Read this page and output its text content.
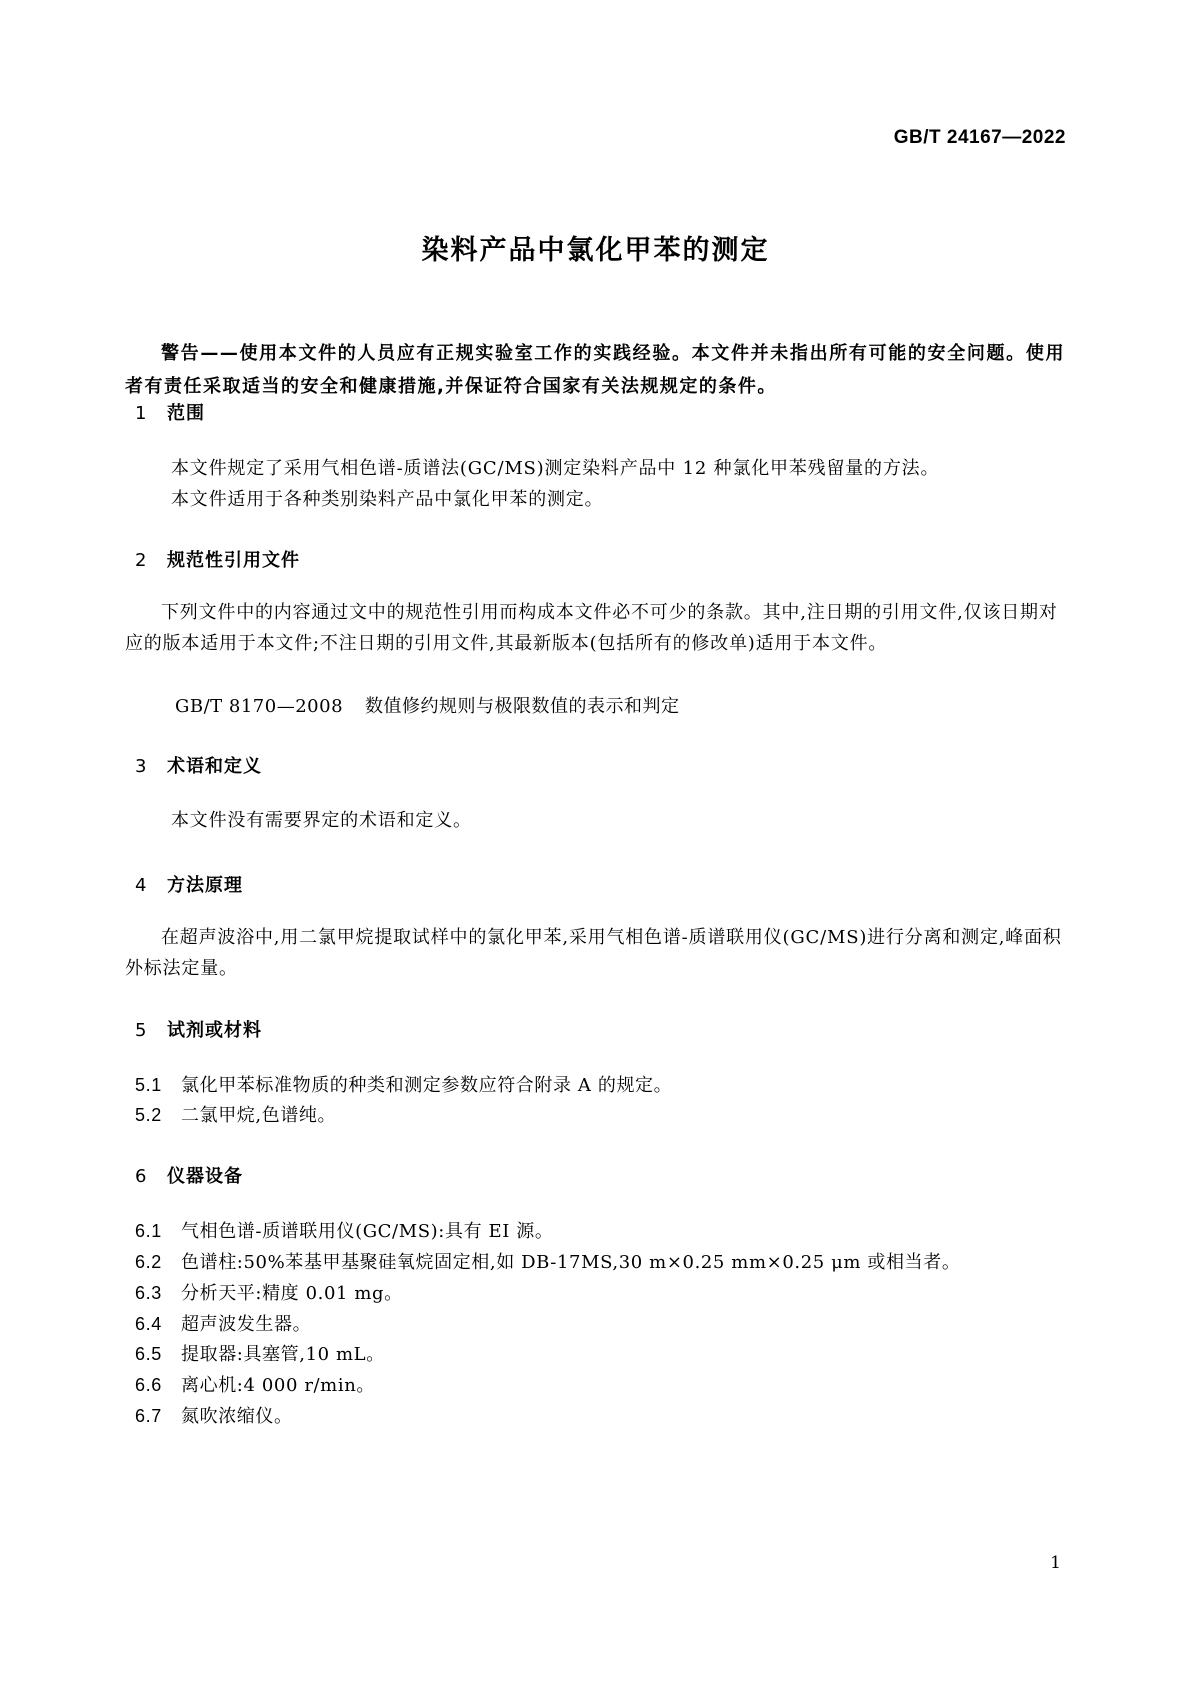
GB/T 24167—2022
染料产品中氯化甲苯的测定
警告——使用本文件的人员应有正规实验室工作的实践经验。本文件并未指出所有可能的安全问题。使用者有责任采取适当的安全和健康措施,并保证符合国家有关法规规定的条件。
1 范围
本文件规定了采用气相色谱-质谱法(GC/MS)测定染料产品中 12 种氯化甲苯残留量的方法。
本文件适用于各种类别染料产品中氯化甲苯的测定。
2 规范性引用文件
下列文件中的内容通过文中的规范性引用而构成本文件必不可少的条款。其中,注日期的引用文件,仅该日期对应的版本适用于本文件;不注日期的引用文件,其最新版本(包括所有的修改单)适用于本文件。
GB/T 8170—2008 数值修约规则与极限数值的表示和判定
3 术语和定义
本文件没有需要界定的术语和定义。
4 方法原理
在超声波浴中,用二氯甲烷提取试样中的氯化甲苯,采用气相色谱-质谱联用仪(GC/MS)进行分离和测定,峰面积外标法定量。
5 试剂或材料
5.1 氯化甲苯标准物质的种类和测定参数应符合附录 A 的规定。
5.2 二氯甲烷,色谱纯。
6 仪器设备
6.1 气相色谱-质谱联用仪(GC/MS):具有 EI 源。
6.2 色谱柱:50%苯基甲基聚硅氧烷固定相,如 DB-17MS,30 m×0.25 mm×0.25 μm 或相当者。
6.3 分析天平:精度 0.01 mg。
6.4 超声波发生器。
6.5 提取器:具塞管,10 mL。
6.6 离心机:4 000 r/min。
6.7 氮吹浓缩仪。
1
